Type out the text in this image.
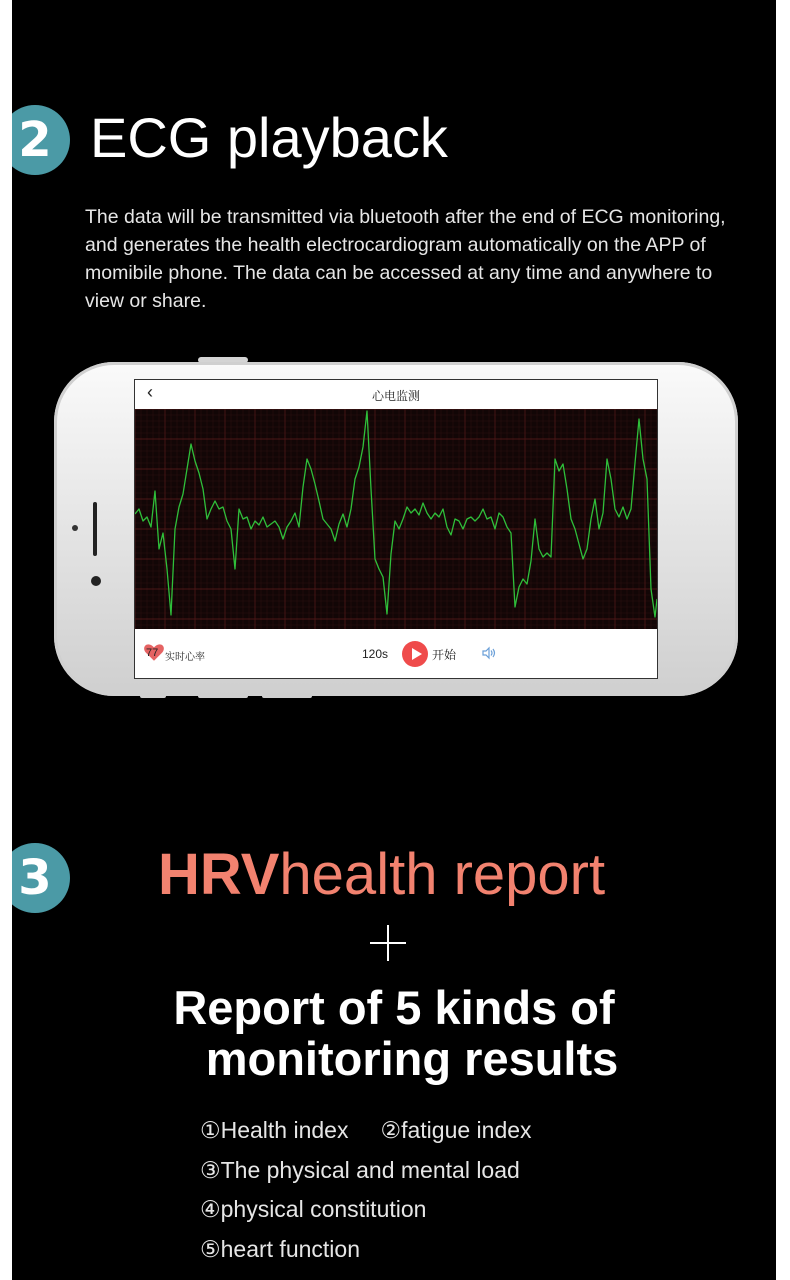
2 ECG playback
The data will be transmitted via bluetooth after the end of ECG monitoring, and generates the health electrocardiogram automatically on the APP of momibile phone. The data can be accessed at any time and anywhere to view or share.
‹	心电监测
77 实时心率	120s	开始
3	HRVhealth report
Report of 5 kinds of
monitoring results
①Health index ②fatigue index
③The physical and mental load
④physical constitution
⑤heart function
